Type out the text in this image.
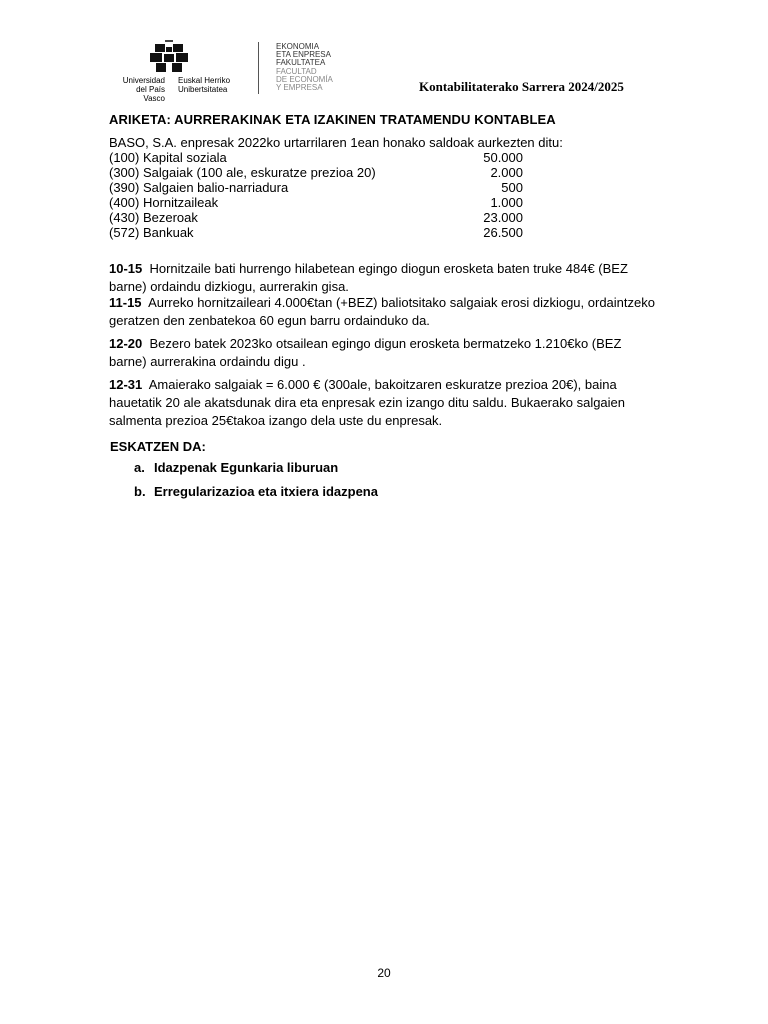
Universidad
del País Vasco
Euskal Herriko
Unibertsitatea
EKONOMIA
ETA ENPRESA
FAKULTATEA
FACULTAD
DE ECONOMÍA
Y EMPRESA	Kontabilitaterako Sarrera 2024/2025
ARIKETA: AURRERAKINAK ETA IZAKINEN TRATAMENDU KONTABLEA
BASO, S.A. enpresak 2022ko urtarrilaren 1ean honako saldoak aurkezten ditu:
(100) Kapital soziala	50.000
(300) Salgaiak (100 ale, eskuratze prezioa 20)	2.000
(390) Salgaien balio-narriadura	500
(400) Hornitzaileak	1.000
(430) Bezeroak	23.000
(572) Bankuak	26.500
10-15 Hornitzaile bati hurrengo hilabetean egingo diogun erosketa baten truke 484€ (BEZ barne) ordaindu dizkiogu, aurrerakin gisa.
11-15 Aurreko hornitzaileari 4.000€tan (+BEZ) baliotsitako salgaiak erosi dizkiogu, ordaintzeko geratzen den zenbatekoa 60 egun barru ordainduko da.
12-20 Bezero batek 2023ko otsailean egingo digun erosketa bermatzeko 1.210€ko (BEZ barne) aurrerakina ordaindu digu .
12-31 Amaierako salgaiak = 6.000 € (300ale, bakoitzaren eskuratze prezioa 20€), baina hauetatik 20 ale akatsdunak dira eta enpresak ezin izango ditu saldu. Bukaerako salgaien salmenta prezioa 25€takoa izango dela uste du enpresak.
ESKATZEN DA:
a. Idazpenak Egunkaria liburuan
b. Erregularizazioa eta itxiera idazpena
20
